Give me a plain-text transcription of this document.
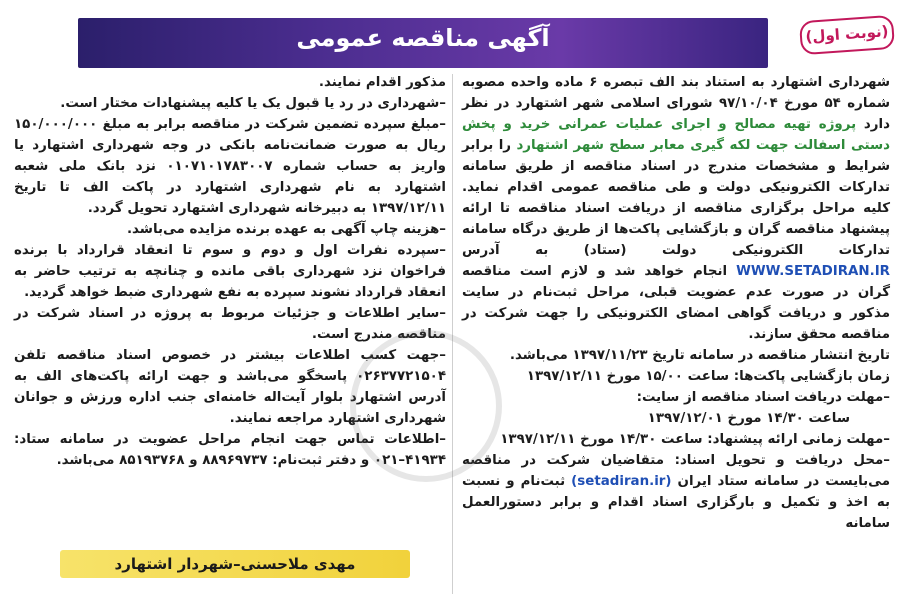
آگهی مناقصه عمومی	(نوبت اول)

شهرداری اشتهارد به استناد بند الف تبصره ۶ ماده واحده مصوبه شماره ۵۴ مورخ ۹۷/۱۰/۰۴ شورای اسلامی شهر اشتهارد در نظر دارد پروژه تهیه مصالح و اجرای عملیات عمرانی خرید و پخش دستی اسفالت جهت لکه گیری معابر سطح شهر اشتهارد را برابر شرایط و مشخصات مندرج در اسناد مناقصه از طریق سامانه تدارکات الکترونیکی دولت و طی مناقصه عمومی اقدام نماید. کلیه مراحل برگزاری مناقصه از دریافت اسناد مناقصه تا ارائه پیشنهاد مناقصه گران و بازگشایی پاکت‌ها از طریق درگاه سامانه تدارکات الکترونیکی دولت (ستاد) به آدرس WWW.SETADIRAN.IR انجام خواهد شد و لازم است مناقصه گران در صورت عدم عضویت قبلی، مراحل ثبت‌نام در سایت مذکور و دریافت گواهی امضای الکترونیکی را جهت شرکت در مناقصه محقق سازند.

تاریخ انتشار مناقصه در سامانه تاریخ ۱۳۹۷/۱۱/۲۳ می‌باشد.

زمان بازگشایی پاکت‌ها: ساعت ۱۵/۰۰ مورخ ۱۳۹۷/۱۲/۱۱

–مهلت دریافت اسناد مناقصه از سایت:

ساعت ۱۴/۳۰ مورخ ۱۳۹۷/۱۲/۰۱

–مهلت زمانی ارائه پیشنهاد: ساعت ۱۴/۳۰ مورخ ۱۳۹۷/۱۲/۱۱

–محل دریافت و تحویل اسناد: متقاضیان شرکت در مناقصه می‌بایست در سامانه ستاد ایران (setadiran.ir) ثبت‌نام و نسبت به اخذ و تکمیل و بارگزاری اسناد اقدام و برابر دستورالعمل سامانه

مذکور اقدام نمایند.

–شهرداری در رد یا قبول یک یا کلیه پیشنهادات مختار است.

–مبلغ سپرده تضمین شرکت در مناقصه برابر به مبلغ ۱۵۰/۰۰۰/۰۰۰ ریال به صورت ضمانت‌نامه بانکی در وجه شهرداری اشتهارد یا واریز به حساب شماره ۰۱۰۷۱۰۱۷۸۳۰۰۷ نزد بانک ملی شعبه اشتهارد به نام شهرداری اشتهارد در پاکت الف تا تاریخ ۱۳۹۷/۱۲/۱۱ به دبیرخانه شهرداری اشتهارد تحویل گردد.

–هزینه چاپ آگهی به عهده برنده مزایده می‌باشد.

–سپرده نفرات اول و دوم و سوم تا انعقاد قرارداد با برنده فراخوان نزد شهرداری باقی مانده و چنانچه به ترتیب حاضر به انعقاد قرارداد نشوند سپرده به نفع شهرداری ضبط خواهد گردید.

–سایر اطلاعات و جزئیات مربوط به پروژه در اسناد شرکت در مناقصه مندرج است.

–جهت کسب اطلاعات بیشتر در خصوص اسناد مناقصه تلفن ۰۲۶۳۷۷۲۱۵۰۴ پاسخگو می‌باشد و جهت ارائه پاکت‌های الف به آدرس اشتهارد بلوار آیت‌اله خامنه‌ای جنب اداره ورزش و جوانان شهرداری اشتهارد مراجعه نمایند.

–اطلاعات تماس جهت انجام مراحل عضویت در سامانه ستاد: ۴۱۹۳۴–۰۲۱ و دفتر ثبت‌نام: ۸۸۹۶۹۷۳۷ و ۸۵۱۹۳۷۶۸ می‌باشد.

مهدی ملاحسنی–شهردار اشتهارد
